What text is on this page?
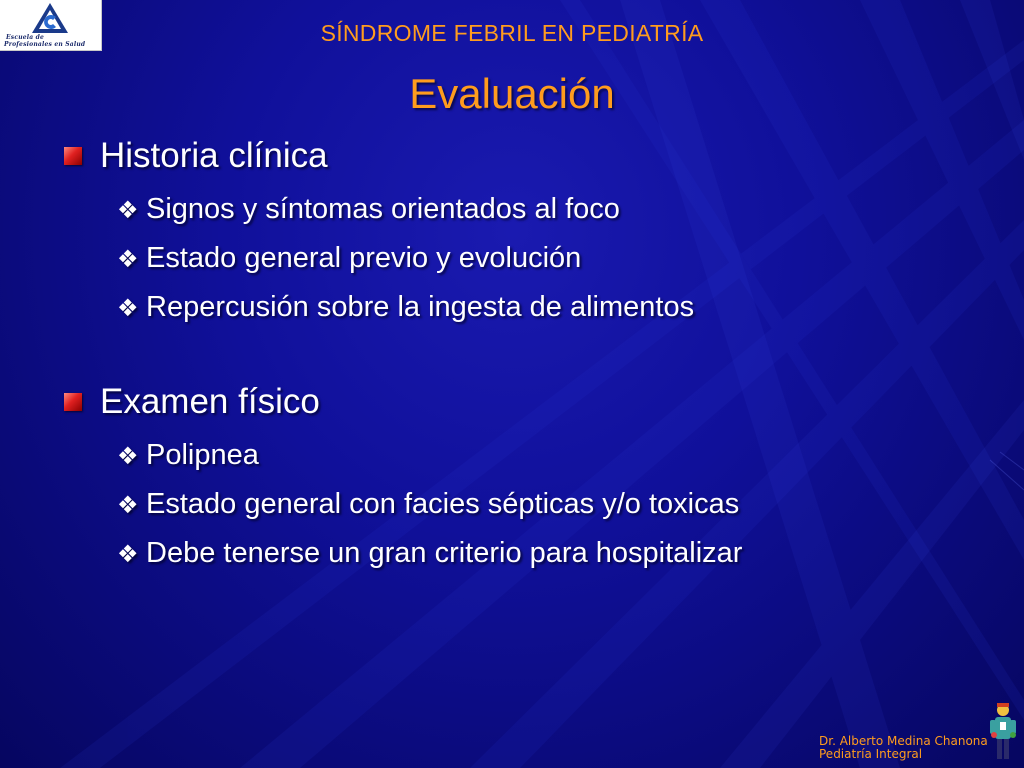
Escuela de
Profesionales en Salud	SÍNDROME FEBRIL EN PEDIATRÍA
Evaluación
Historia clínica
❖ Signos y síntomas orientados al foco
❖ Estado general previo y evolución
❖ Repercusión sobre la ingesta de alimentos
Examen físico
❖ Polipnea
❖ Estado general con facies sépticas y/o toxicas
❖ Debe tenerse un gran criterio para hospitalizar
Dr. Alberto Medina Chanona
Pediatría Integral
